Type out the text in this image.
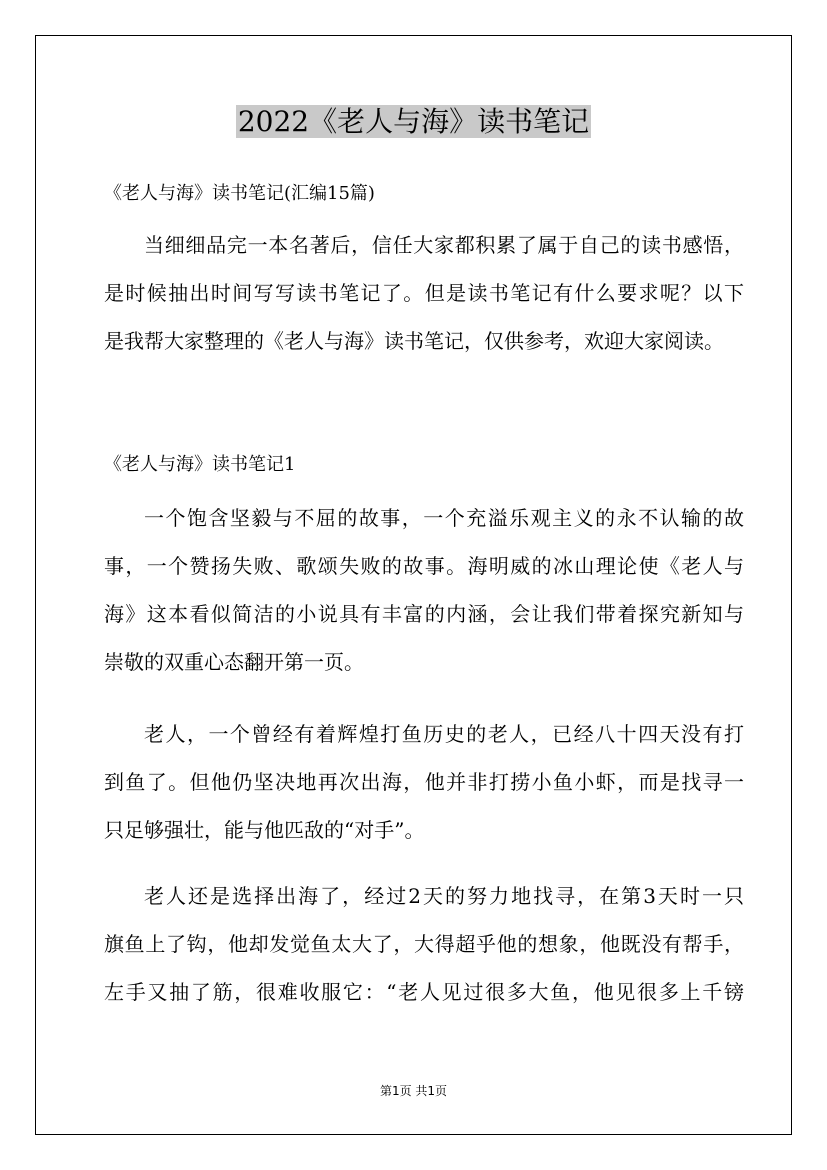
2022《老人与海》读书笔记
《老人与海》读书笔记(汇编15篇)
当细细品完一本名著后，信任大家都积累了属于自己的读书感悟，
是时候抽出时间写写读书笔记了。但是读书笔记有什么要求呢？以下
是我帮大家整理的《老人与海》读书笔记，仅供参考，欢迎大家阅读。
《老人与海》读书笔记1
一个饱含坚毅与不屈的故事，一个充溢乐观主义的永不认输的故
事，一个赞扬失败、歌颂失败的故事。海明威的冰山理论使《老人与
海》这本看似简洁的小说具有丰富的内涵，会让我们带着探究新知与
崇敬的双重心态翻开第一页。
老人，一个曾经有着辉煌打鱼历史的老人，已经八十四天没有打
到鱼了。但他仍坚决地再次出海，他并非打捞小鱼小虾，而是找寻一
只足够强壮，能与他匹敌的“对手”。
老人还是选择出海了，经过2天的努力地找寻，在第3天时一只
旗鱼上了钩，他却发觉鱼太大了，大得超乎他的想象，他既没有帮手，
左手又抽了筋，很难收服它：“老人见过很多大鱼，他见很多上千镑
第1页 共1页
